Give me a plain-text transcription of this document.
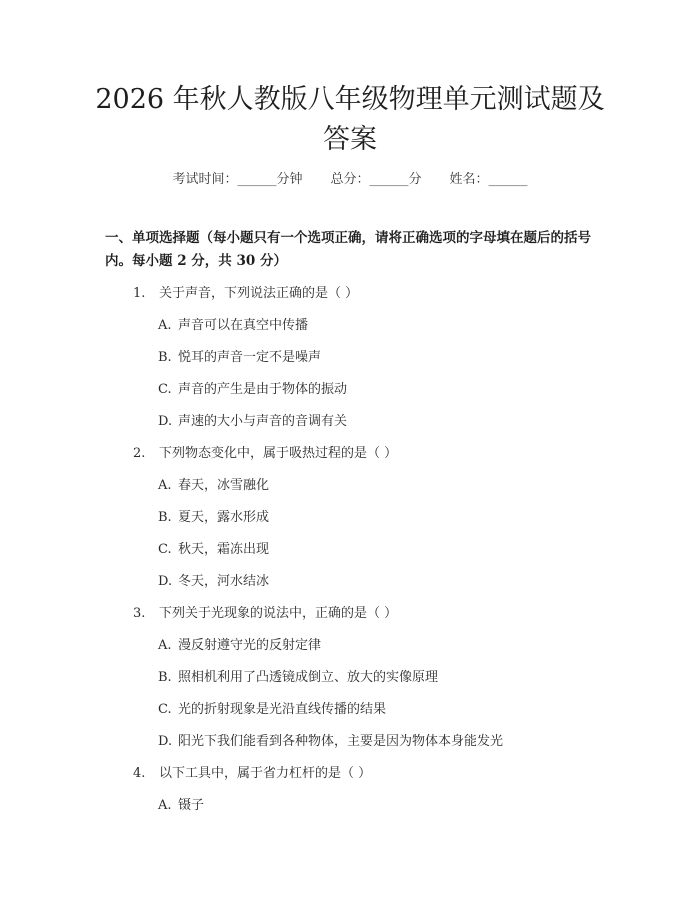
2026 年秋人教版八年级物理单元测试题及答案
考试时间：______分钟 总分：______分 姓名：______
一、单项选择题（每小题只有一个选项正确，请将正确选项的字母填在题后的括号内。每小题 2 分，共 30 分）
1. 关于声音，下列说法正确的是（ ）
A. 声音可以在真空中传播
B. 悦耳的声音一定不是噪声
C. 声音的产生是由于物体的振动
D. 声速的大小与声音的音调有关
2. 下列物态变化中，属于吸热过程的是（ ）
A. 春天，冰雪融化
B. 夏天，露水形成
C. 秋天，霜冻出现
D. 冬天，河水结冰
3. 下列关于光现象的说法中，正确的是（ ）
A. 漫反射遵守光的反射定律
B. 照相机利用了凸透镜成倒立、放大的实像原理
C. 光的折射现象是光沿直线传播的结果
D. 阳光下我们能看到各种物体，主要是因为物体本身能发光
4. 以下工具中，属于省力杠杆的是（ ）
A. 镊子
